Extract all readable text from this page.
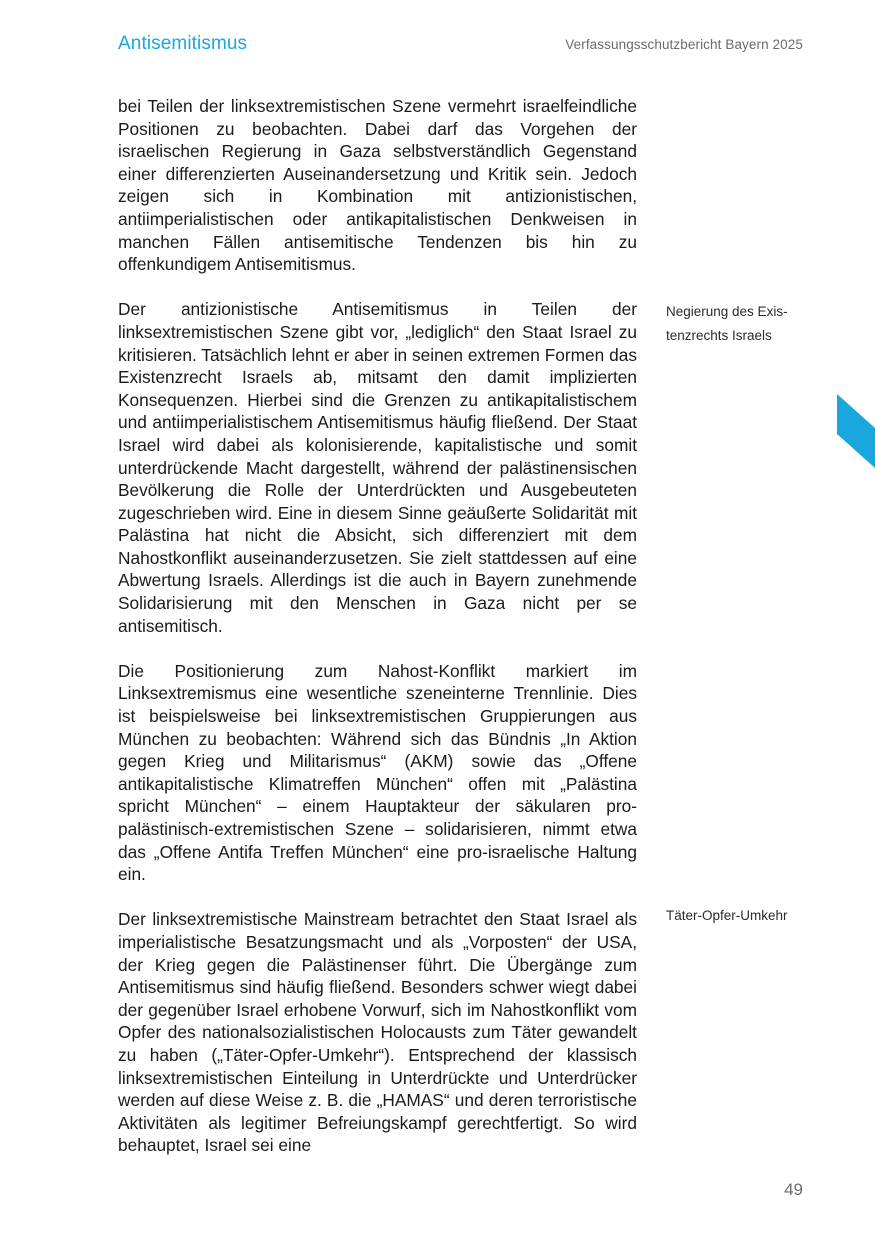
Antisemitismus	Verfassungsschutzbericht Bayern 2025

bei Teilen der linksextremistischen Szene vermehrt israelfeindliche Positionen zu beobachten. Dabei darf das Vorgehen der israelischen Regierung in Gaza selbstverständlich Gegenstand einer differenzierten Auseinandersetzung und Kritik sein. Jedoch zeigen sich in Kombination mit antizionistischen, antiimperialistischen oder antikapitalistischen Denkweisen in manchen Fällen antisemitische Tendenzen bis hin zu offenkundigem Antisemitismus.

Der antizionistische Antisemitismus in Teilen der linksextremistischen Szene gibt vor, „lediglich“ den Staat Israel zu kritisieren. Tatsächlich lehnt er aber in seinen extremen Formen das Existenzrecht Israels ab, mitsamt den damit implizierten Konsequenzen. Hierbei sind die Grenzen zu antikapitalistischem und antiimperialistischem Antisemitismus häufig fließend. Der Staat Israel wird dabei als kolonisierende, kapitalistische und somit unterdrückende Macht dargestellt, während der palästinensischen Bevölkerung die Rolle der Unterdrückten und Ausgebeuteten zugeschrieben wird. Eine in diesem Sinne geäußerte Solidarität mit Palästina hat nicht die Absicht, sich differenziert mit dem Nahostkonflikt auseinanderzusetzen. Sie zielt stattdessen auf eine Abwertung Israels. Allerdings ist die auch in Bayern zunehmende Solidarisierung mit den Menschen in Gaza nicht per se antisemitisch.

Die Positionierung zum Nahost-Konflikt markiert im Linksextremismus eine wesentliche szeneinterne Trennlinie. Dies ist beispielsweise bei linksextremistischen Gruppierungen aus München zu beobachten: Während sich das Bündnis „In Aktion gegen Krieg und Militarismus“ (AKM) sowie das „Offene antikapitalistische Klimatreffen München“ offen mit „Palästina spricht München“ – einem Hauptakteur der säkularen pro-palästinisch-extremistischen Szene – solidarisieren, nimmt etwa das „Offene Antifa Treffen München“ eine pro-israelische Haltung ein.

Der linksextremistische Mainstream betrachtet den Staat Israel als imperialistische Besatzungsmacht und als „Vorposten“ der USA, der Krieg gegen die Palästinenser führt. Die Übergänge zum Antisemitismus sind häufig fließend. Besonders schwer wiegt dabei der gegenüber Israel erhobene Vorwurf, sich im Nahostkonflikt vom Opfer des nationalsozialistischen Holocausts zum Täter gewandelt zu haben („Täter-Opfer-Umkehr“). Entsprechend der klassisch linksextremistischen Einteilung in Unterdrückte und Unterdrücker werden auf diese Weise z. B. die „HAMAS“ und deren terroristische Aktivitäten als legitimer Befreiungskampf gerechtfertigt. So wird behauptet, Israel sei eine

Negierung des Existenzrechts Israels
Täter-Opfer-Umkehr
49
